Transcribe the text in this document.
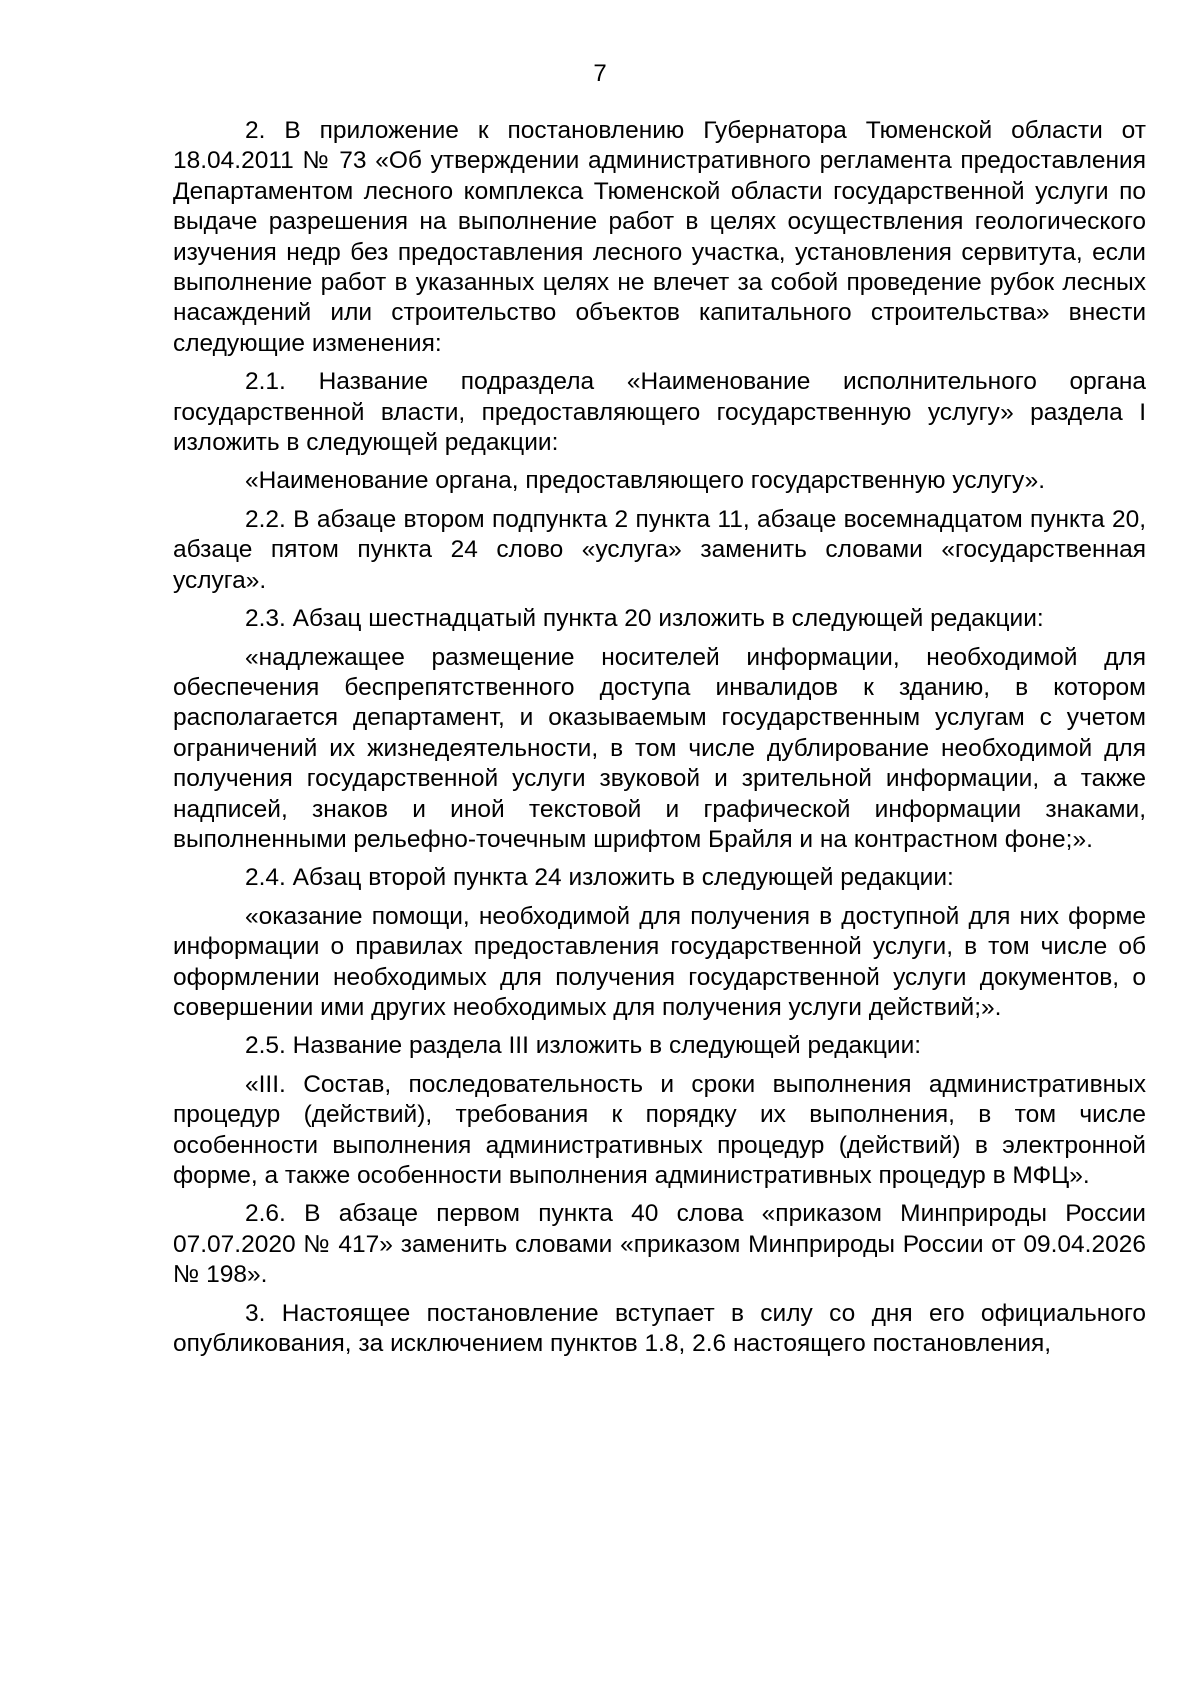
7

2. В приложение к постановлению Губернатора Тюменской области от 18.04.2011 № 73 «Об утверждении административного регламента предоставления Департаментом лесного комплекса Тюменской области государственной услуги по выдаче разрешения на выполнение работ в целях осуществления геологического изучения недр без предоставления лесного участка, установления сервитута, если выполнение работ в указанных целях не влечет за собой проведение рубок лесных насаждений или строительство объектов капитального строительства» внести следующие изменения:

2.1. Название подраздела «Наименование исполнительного органа государственной власти, предоставляющего государственную услугу» раздела I изложить в следующей редакции:

«Наименование органа, предоставляющего государственную услугу».

2.2. В абзаце втором подпункта 2 пункта 11, абзаце восемнадцатом пункта 20, абзаце пятом пункта 24 слово «услуга» заменить словами «государственная услуга».

2.3. Абзац шестнадцатый пункта 20 изложить в следующей редакции:

«надлежащее размещение носителей информации, необходимой для обеспечения беспрепятственного доступа инвалидов к зданию, в котором располагается департамент, и оказываемым государственным услугам с учетом ограничений их жизнедеятельности, в том числе дублирование необходимой для получения государственной услуги звуковой и зрительной информации, а также надписей, знаков и иной текстовой и графической информации знаками, выполненными рельефно-точечным шрифтом Брайля и на контрастном фоне;».

2.4. Абзац второй пункта 24 изложить в следующей редакции:

«оказание помощи, необходимой для получения в доступной для них форме информации о правилах предоставления государственной услуги, в том числе об оформлении необходимых для получения государственной услуги документов, о совершении ими других необходимых для получения услуги действий;».

2.5. Название раздела III изложить в следующей редакции:

«III. Состав, последовательность и сроки выполнения административных процедур (действий), требования к порядку их выполнения, в том числе особенности выполнения административных процедур (действий) в электронной форме, а также особенности выполнения административных процедур в МФЦ».

2.6. В абзаце первом пункта 40 слова «приказом Минприроды России 07.07.2020 № 417» заменить словами «приказом Минприроды России от 09.04.2026 № 198».

3. Настоящее постановление вступает в силу со дня его официального опубликования, за исключением пунктов 1.8, 2.6 настоящего постановления,
